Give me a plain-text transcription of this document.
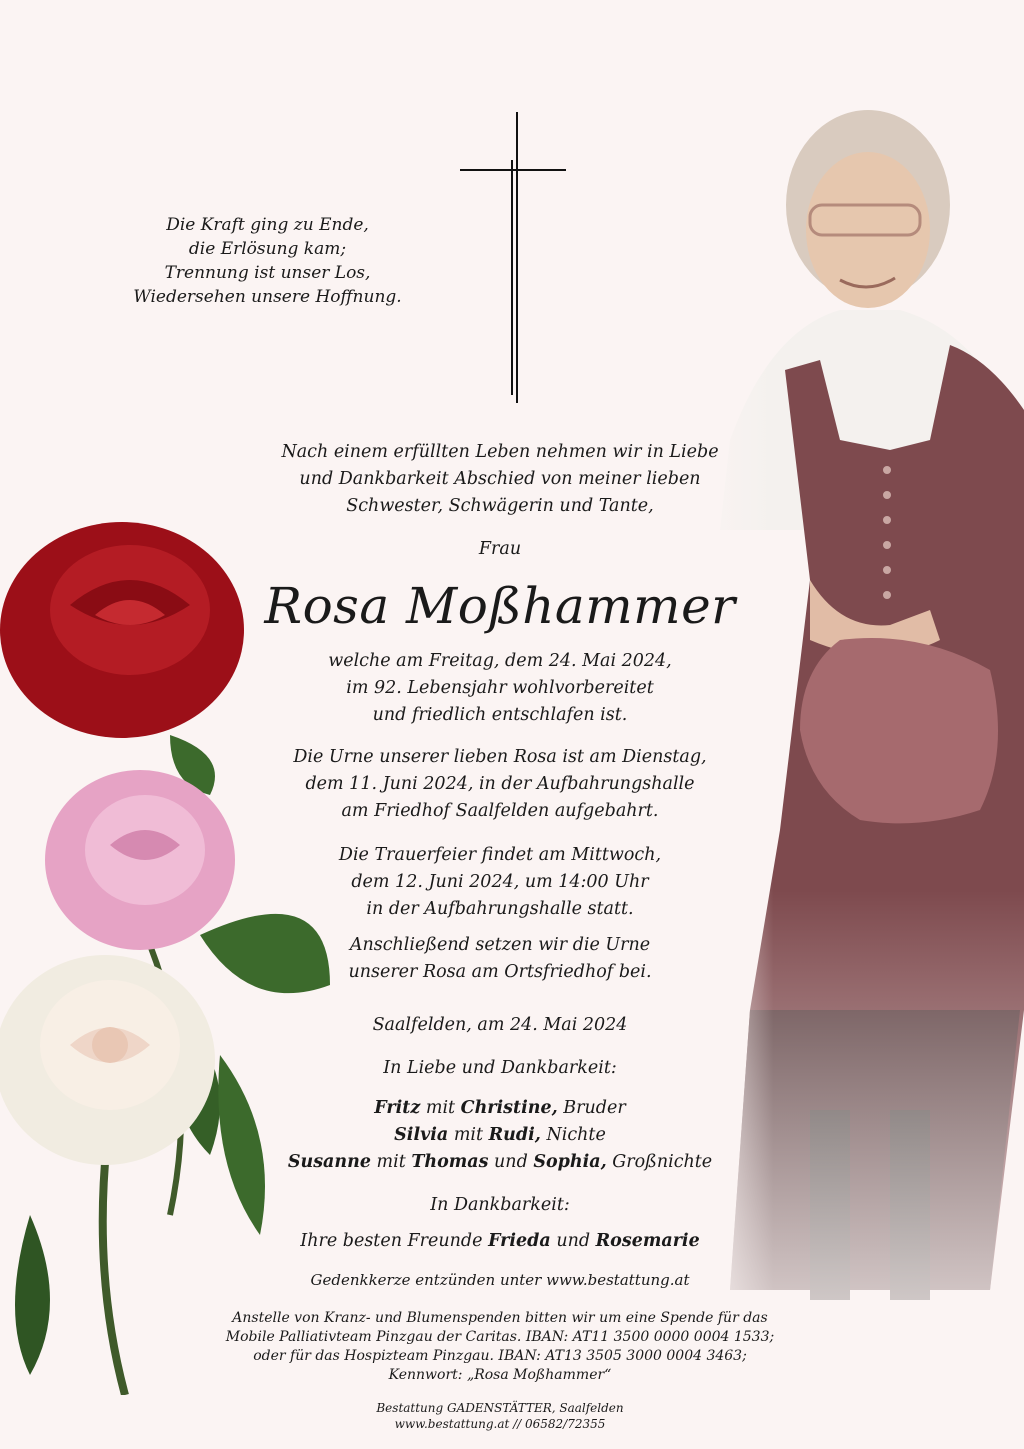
Die Kraft ging zu Ende,
die Erlösung kam;
Trennung ist unser Los,
Wiedersehen unsere Hoffnung.
Nach einem erfüllten Leben nehmen wir in Liebe
und Dankbarkeit Abschied von meiner lieben
Schwester, Schwägerin und Tante,
Frau
Rosa Moßhammer
welche am Freitag, dem 24. Mai 2024,
im 92. Lebensjahr wohlvorbereitet
und friedlich entschlafen ist.
Die Urne unserer lieben Rosa ist am Dienstag,
dem 11. Juni 2024, in der Aufbahrungshalle
am Friedhof Saalfelden aufgebahrt.
Die Trauerfeier findet am Mittwoch,
dem 12. Juni 2024, um 14:00 Uhr
in der Aufbahrungshalle statt.
Anschließend setzen wir die Urne
unserer Rosa am Ortsfriedhof bei.
Saalfelden, am 24. Mai 2024
In Liebe und Dankbarkeit:
Fritz mit Christine, Bruder
Silvia mit Rudi, Nichte
Susanne mit Thomas und Sophia, Großnichte
In Dankbarkeit:
Ihre besten Freunde Frieda und Rosemarie
Gedenkkerze entzünden unter www.bestattung.at
Anstelle von Kranz- und Blumenspenden bitten wir um eine Spende für das
Mobile Palliativteam Pinzgau der Caritas. IBAN: AT11 3500 0000 0004 1533;
oder für das Hospizteam Pinzgau. IBAN: AT13 3505 3000 0004 3463;
Kennwort: „Rosa Moßhammer“
Bestattung GADENSTÄTTER, Saalfelden
www.bestattung.at // 06582/72355
